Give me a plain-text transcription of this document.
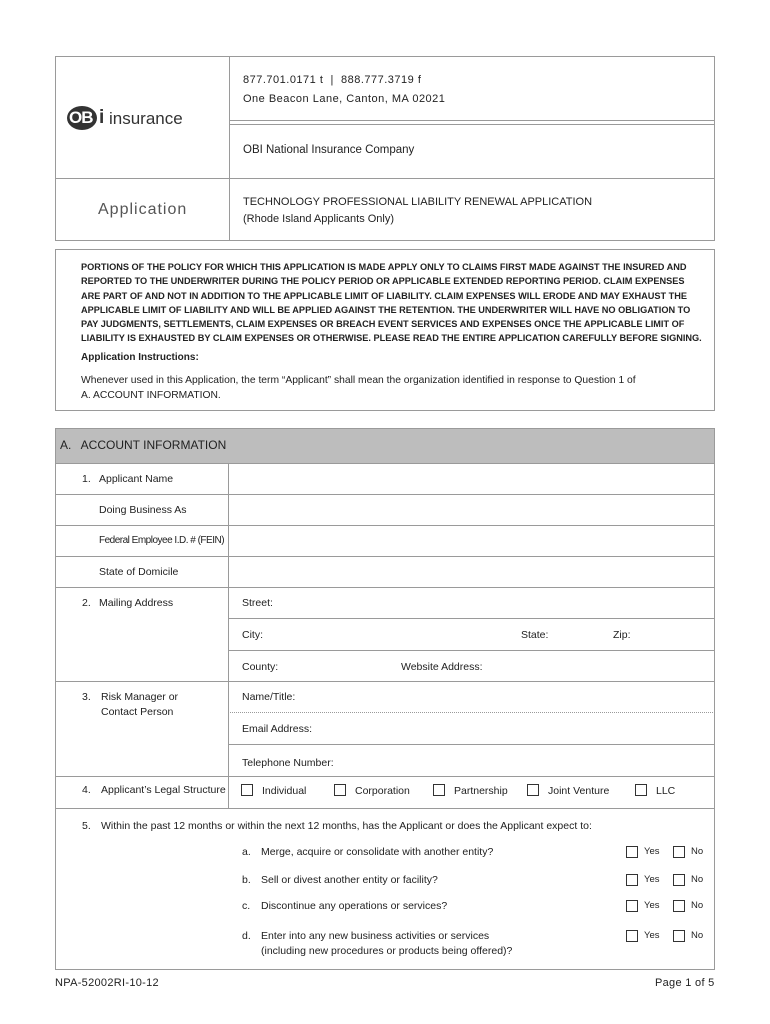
OB i insurance
877.701.0171 t  |  888.777.3719 f
One Beacon Lane, Canton, MA 02021
OBI National Insurance Company
Application	TECHNOLOGY PROFESSIONAL LIABILITY RENEWAL APPLICATION
(Rhode Island Applicants Only)
PORTIONS OF THE POLICY FOR WHICH THIS APPLICATION IS MADE APPLY ONLY TO CLAIMS FIRST MADE AGAINST THE INSURED AND
REPORTED TO THE UNDERWRITER DURING THE POLICY PERIOD OR APPLICABLE EXTENDED REPORTING PERIOD. CLAIM EXPENSES
ARE PART OF AND NOT IN ADDITION TO THE APPLICABLE LIMIT OF LIABILITY. CLAIM EXPENSES WILL ERODE AND MAY EXHAUST THE
APPLICABLE LIMIT OF LIABILITY AND WILL BE APPLIED AGAINST THE RETENTION. THE UNDERWRITER WILL HAVE NO OBLIGATION TO
PAY JUDGMENTS, SETTLEMENTS, CLAIM EXPENSES OR BREACH EVENT SERVICES AND EXPENSES ONCE THE APPLICABLE LIMIT OF
LIABILITY IS EXHAUSTED BY CLAIM EXPENSES OR OTHERWISE. PLEASE READ THE ENTIRE APPLICATION CAREFULLY BEFORE SIGNING.
Application Instructions:
Whenever used in this Application, the term “Applicant” shall mean the organization identified in response to Question 1 of
A. ACCOUNT INFORMATION.
A.   ACCOUNT INFORMATION
1. Applicant Name
Doing Business As
Federal Employee I.D. # (FEIN)
State of Domicile
2. Mailing Address	Street:
City:	State:	Zip:
County:	Website Address:
3. Risk Manager or
Contact Person
Name/Title:
Email Address:
Telephone Number:
4. Applicant’s Legal Structure	Individual	Corporation	Partnership	Joint Venture	LLC
5. Within the past 12 months or within the next 12 months, has the Applicant or does the Applicant expect to:
a. Merge, acquire or consolidate with another entity?	Yes	No
b. Sell or divest another entity or facility?	Yes	No
c. Discontinue any operations or services?	Yes	No
d. Enter into any new business activities or services
(including new procedures or products being offered)?
Yes	No
NPA-52002RI-10-12	Page 1 of 5
